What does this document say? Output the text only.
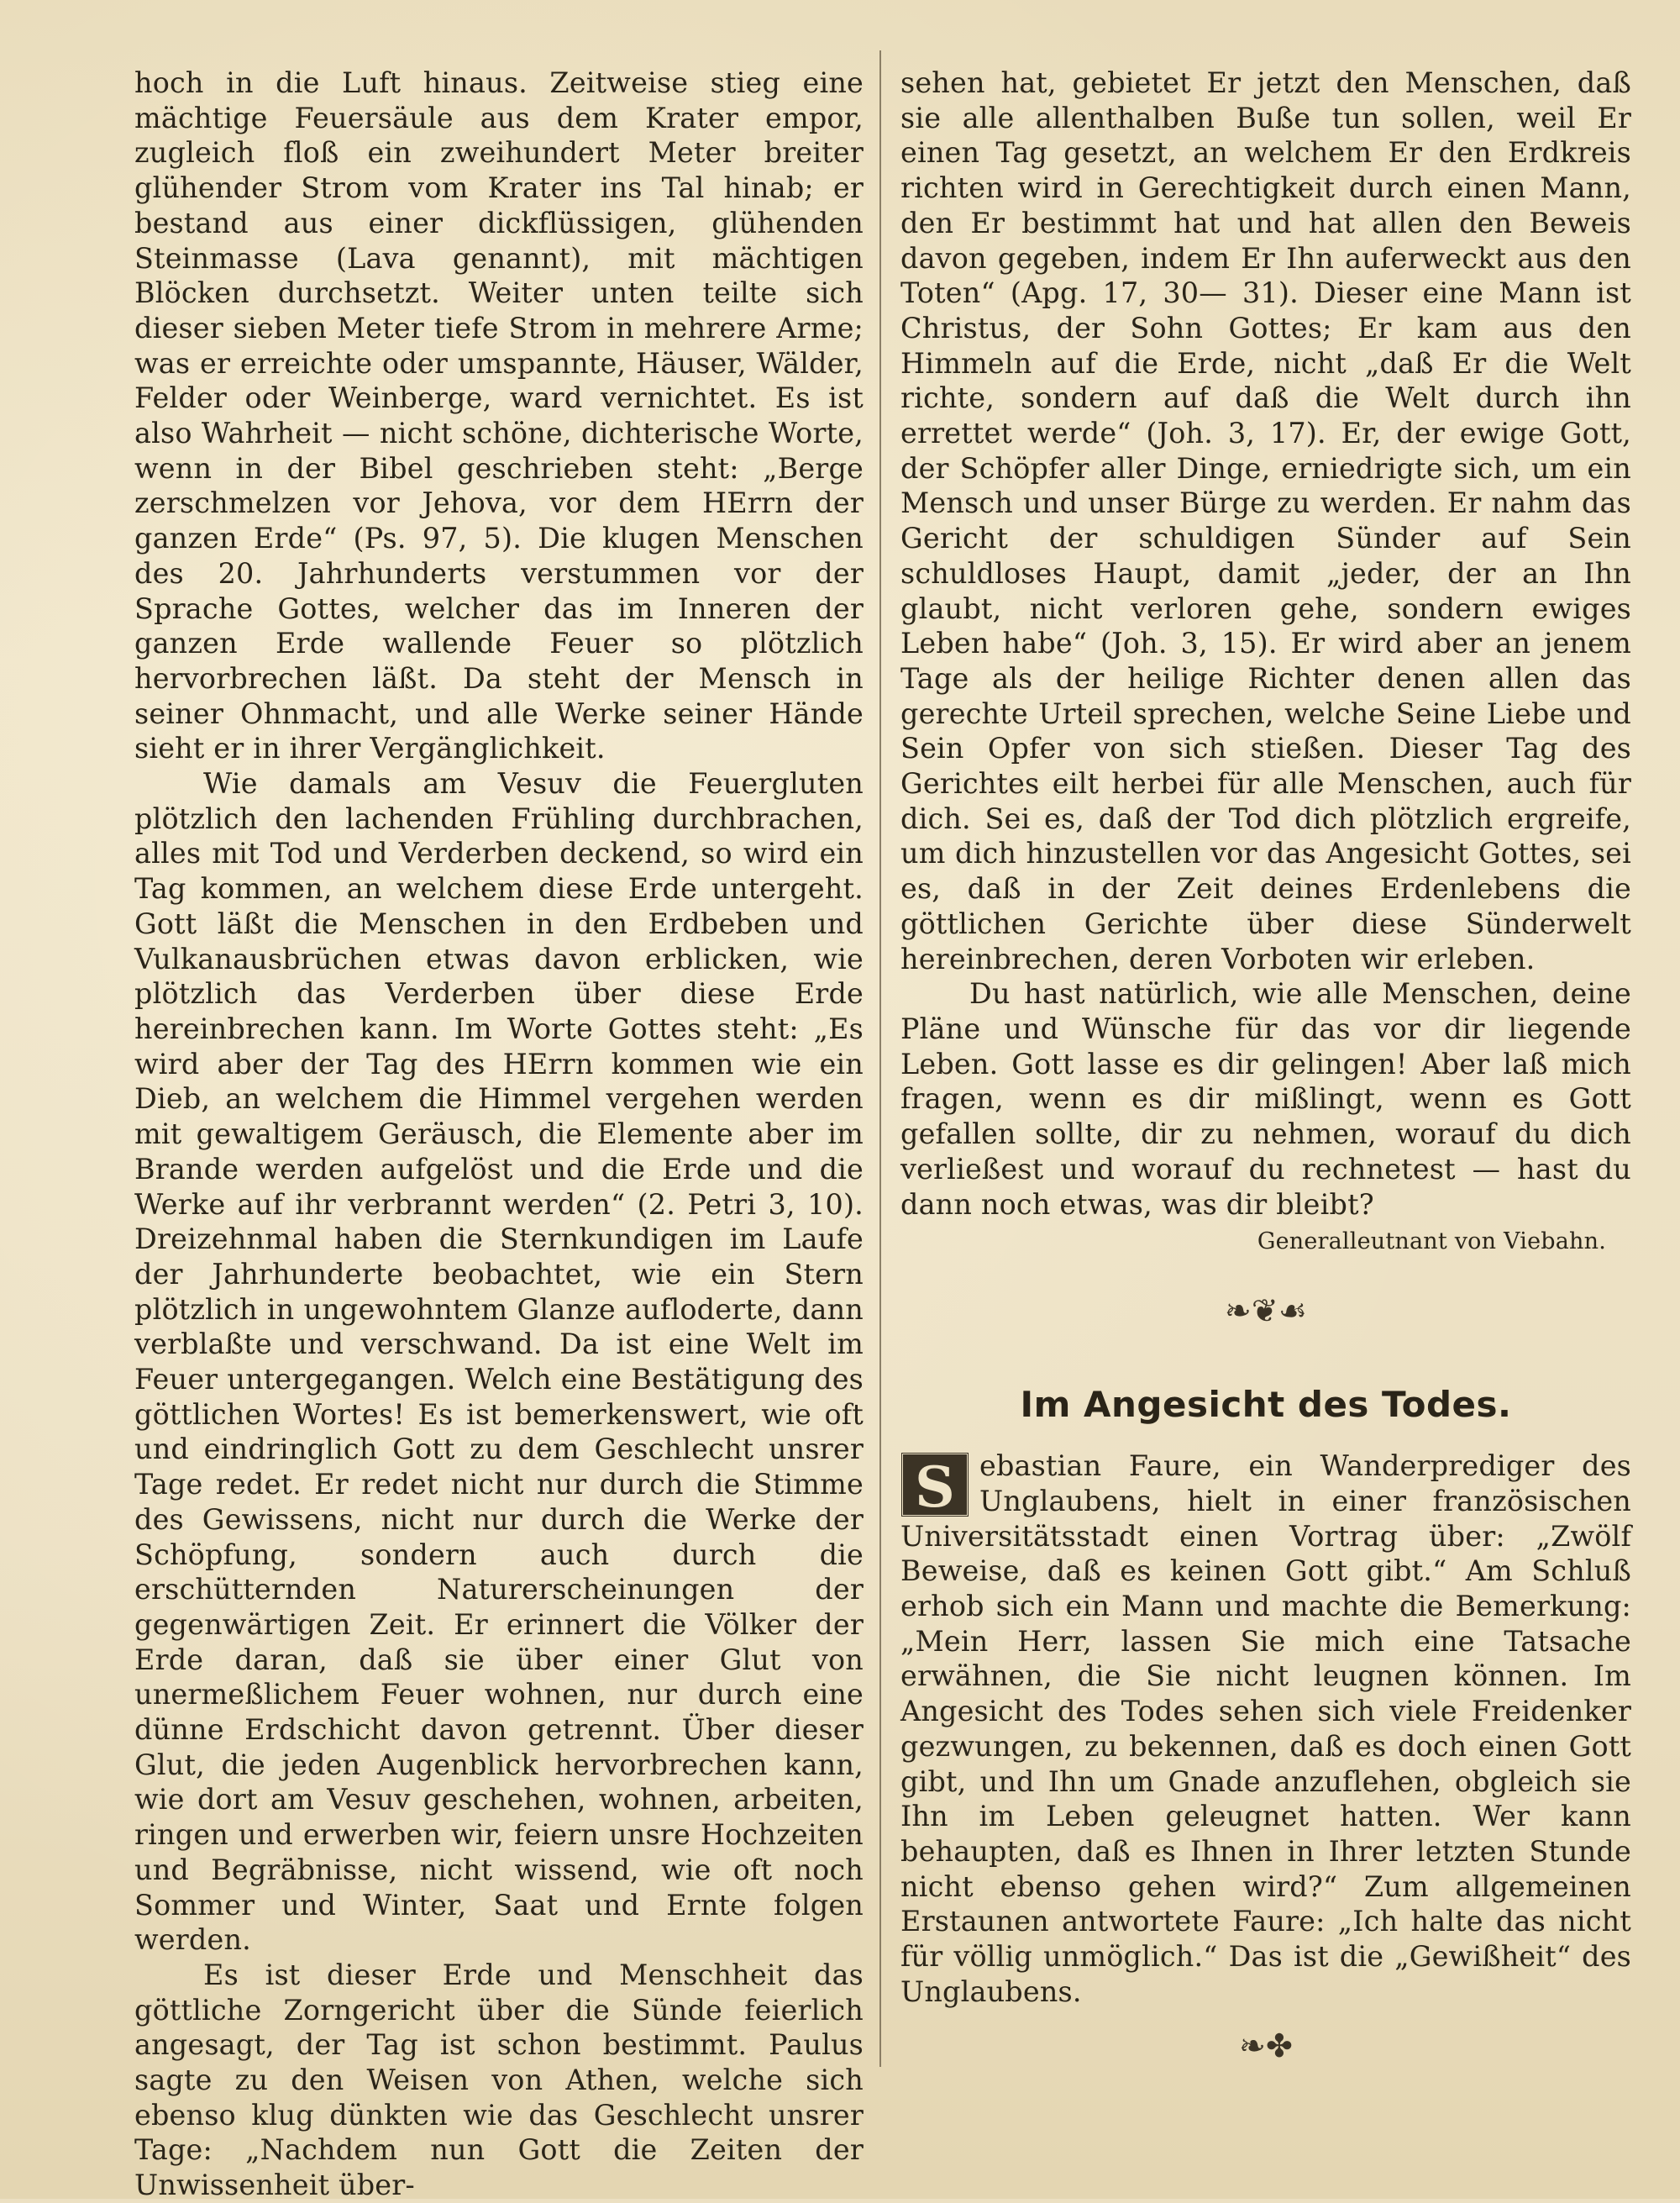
hoch in die Luft hinaus. Zeitweise stieg eine mächtige Feuersäule aus dem Krater empor, zugleich floß ein zweihundert Meter breiter glühender Strom vom Krater ins Tal hinab; er bestand aus einer dickflüssigen, glühenden Steinmasse (Lava genannt), mit mächtigen Blöcken durchsetzt. Weiter unten teilte sich dieser sieben Meter tiefe Strom in mehrere Arme; was er erreichte oder umspannte, Häuser, Wälder, Felder oder Weinberge, ward vernichtet. Es ist also Wahrheit — nicht schöne, dichterische Worte, wenn in der Bibel geschrieben steht: „Berge zerschmelzen vor Jehova, vor dem HErrn der ganzen Erde“ (Ps. 97, 5). Die klugen Menschen des 20. Jahrhunderts verstummen vor der Sprache Gottes, welcher das im Inneren der ganzen Erde wallende Feuer so plötzlich hervorbrechen läßt. Da steht der Mensch in seiner Ohnmacht, und alle Werke seiner Hände sieht er in ihrer Vergänglichkeit.

Wie damals am Vesuv die Feuergluten plötzlich den lachenden Frühling durchbrachen, alles mit Tod und Verderben deckend, so wird ein Tag kommen, an welchem diese Erde untergeht. Gott läßt die Menschen in den Erdbeben und Vulkanausbrüchen etwas davon erblicken, wie plötzlich das Verderben über diese Erde hereinbrechen kann. Im Worte Gottes steht: „Es wird aber der Tag des HErrn kommen wie ein Dieb, an welchem die Himmel vergehen werden mit gewaltigem Geräusch, die Elemente aber im Brande werden aufgelöst und die Erde und die Werke auf ihr verbrannt werden“ (2. Petri 3, 10). Dreizehnmal haben die Sternkundigen im Laufe der Jahrhunderte beobachtet, wie ein Stern plötzlich in ungewohntem Glanze aufloderte, dann verblaßte und verschwand. Da ist eine Welt im Feuer untergegangen. Welch eine Bestätigung des göttlichen Wortes! Es ist bemerkenswert, wie oft und eindringlich Gott zu dem Geschlecht unsrer Tage redet. Er redet nicht nur durch die Stimme des Gewissens, nicht nur durch die Werke der Schöpfung, sondern auch durch die erschütternden Naturerscheinungen der gegenwärtigen Zeit. Er erinnert die Völker der Erde daran, daß sie über einer Glut von unermeßlichem Feuer wohnen, nur durch eine dünne Erdschicht davon getrennt. Über dieser Glut, die jeden Augenblick hervorbrechen kann, wie dort am Vesuv geschehen, wohnen, arbeiten, ringen und erwerben wir, feiern unsre Hochzeiten und Begräbnisse, nicht wissend, wie oft noch Sommer und Winter, Saat und Ernte folgen werden.

Es ist dieser Erde und Menschheit das göttliche Zorngericht über die Sünde feierlich angesagt, der Tag ist schon bestimmt. Paulus sagte zu den Weisen von Athen, welche sich ebenso klug dünkten wie das Geschlecht unsrer Tage: „Nachdem nun Gott die Zeiten der Unwissenheit über-

sehen hat, gebietet Er jetzt den Menschen, daß sie alle allenthalben Buße tun sollen, weil Er einen Tag gesetzt, an welchem Er den Erdkreis richten wird in Gerechtigkeit durch einen Mann, den Er bestimmt hat und hat allen den Beweis davon gegeben, indem Er Ihn auferweckt aus den Toten“ (Apg. 17, 30— 31). Dieser eine Mann ist Christus, der Sohn Gottes; Er kam aus den Himmeln auf die Erde, nicht „daß Er die Welt richte, sondern auf daß die Welt durch ihn errettet werde“ (Joh. 3, 17). Er, der ewige Gott, der Schöpfer aller Dinge, erniedrigte sich, um ein Mensch und unser Bürge zu werden. Er nahm das Gericht der schuldigen Sünder auf Sein schuldloses Haupt, damit „jeder, der an Ihn glaubt, nicht verloren gehe, sondern ewiges Leben habe“ (Joh. 3, 15). Er wird aber an jenem Tage als der heilige Richter denen allen das gerechte Urteil sprechen, welche Seine Liebe und Sein Opfer von sich stießen. Dieser Tag des Gerichtes eilt herbei für alle Menschen, auch für dich. Sei es, daß der Tod dich plötzlich ergreife, um dich hinzustellen vor das Angesicht Gottes, sei es, daß in der Zeit deines Erdenlebens die göttlichen Gerichte über diese Sünderwelt hereinbrechen, deren Vorboten wir erleben.

Du hast natürlich, wie alle Menschen, deine Pläne und Wünsche für das vor dir liegende Leben. Gott lasse es dir gelingen! Aber laß mich fragen, wenn es dir mißlingt, wenn es Gott gefallen sollte, dir zu nehmen, worauf du dich verließest und worauf du rechnetest — hast du dann noch etwas, was dir bleibt?

Generalleutnant von Viebahn.
❧❦☙
Im Angesicht des Todes.

S ebastian Faure, ein Wanderprediger des Unglaubens, hielt in einer französischen Universitätsstadt einen Vortrag über: „Zwölf Beweise, daß es keinen Gott gibt.“ Am Schluß erhob sich ein Mann und machte die Bemerkung: „Mein Herr, lassen Sie mich eine Tatsache erwähnen, die Sie nicht leugnen können. Im Angesicht des Todes sehen sich viele Freidenker gezwungen, zu bekennen, daß es doch einen Gott gibt, und Ihn um Gnade anzuflehen, obgleich sie Ihn im Leben geleugnet hatten. Wer kann behaupten, daß es Ihnen in Ihrer letzten Stunde nicht ebenso gehen wird?“ Zum allgemeinen Erstaunen antwortete Faure: „Ich halte das nicht für völlig unmöglich.“ Das ist die „Gewißheit“ des Unglaubens.

❧✤
